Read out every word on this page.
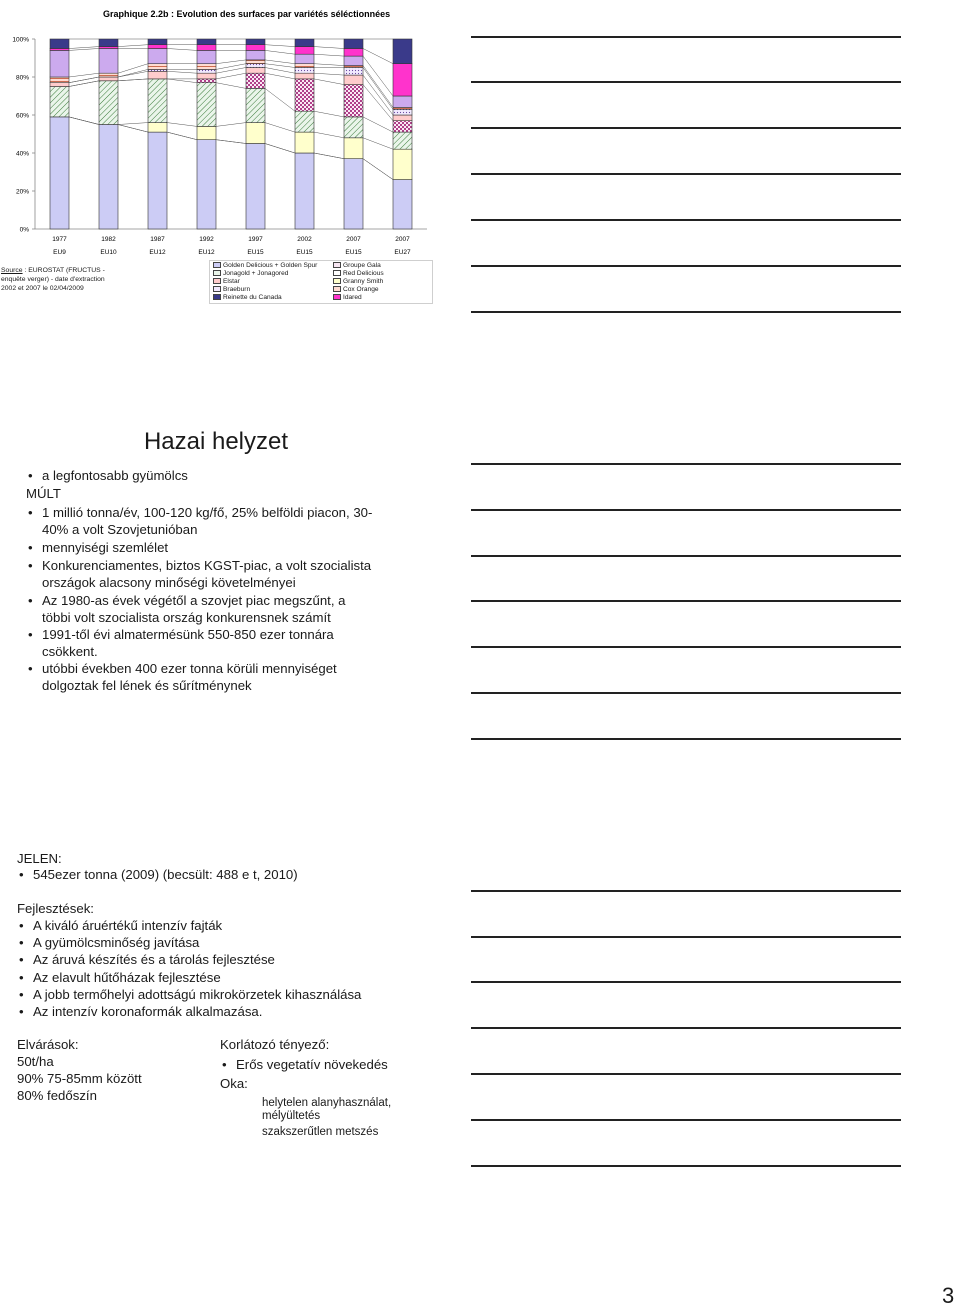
Graphique 2.2b : Evolution des surfaces par variétés séléctionnées
0%
20%
40%
60%
80%
100%
1977
EU9
1982
EU10
1987
EU12
1992
EU12
1997
EU15
2002
EU15
2007
EU15
2007
EU27
Source : EUROSTAT (FRUCTUS -
enquête verger) - date d'extraction
2002 et 2007 le 02/04/2009
Golden Delicious + Golden Spur
Jonagold + Jonagored
Elstar
Braeburn
Reinette du Canada
Groupe Gala
Red Delicious
Granny Smith
Cox Orange
Idared
Hazai helyzet
• a legfontosabb gyümölcs
MÚLT
• 1 millió tonna/év, 100-120 kg/fő, 25% belföldi piacon, 30-
40% a volt Szovjetunióban
• mennyiségi szemlélet
• Konkurenciamentes, biztos KGST-piac, a volt szocialista
országok alacsony minőségi követelményei
• Az 1980-as évek végétől a szovjet piac megszűnt, a
többi volt szocialista ország konkurensnek számít
• 1991-től évi almatermésünk 550-850 ezer tonnára
csökkent.
• utóbbi években 400 ezer tonna körüli mennyiséget
dolgoztak fel lének és sűrítménynek
JELEN:
• 545ezer tonna (2009) (becsült: 488 e t, 2010)
Fejlesztések:
• A kiváló áruértékű intenzív fajták
• A gyümölcsminőség javítása
• Az áruvá készítés és a tárolás fejlesztése
• Az elavult hűtőházak fejlesztése
• A jobb termőhelyi adottságú mikrokörzetek kihasználása
• Az intenzív koronaformák alkalmazása.
Elvárások:
50t/ha
90% 75-85mm között
80% fedőszín
Korlátozó tényező:
• Erős vegetatív növekedés
Oka:
helytelen alanyhasználat,
mélyültetés
szakszerűtlen metszés
3
